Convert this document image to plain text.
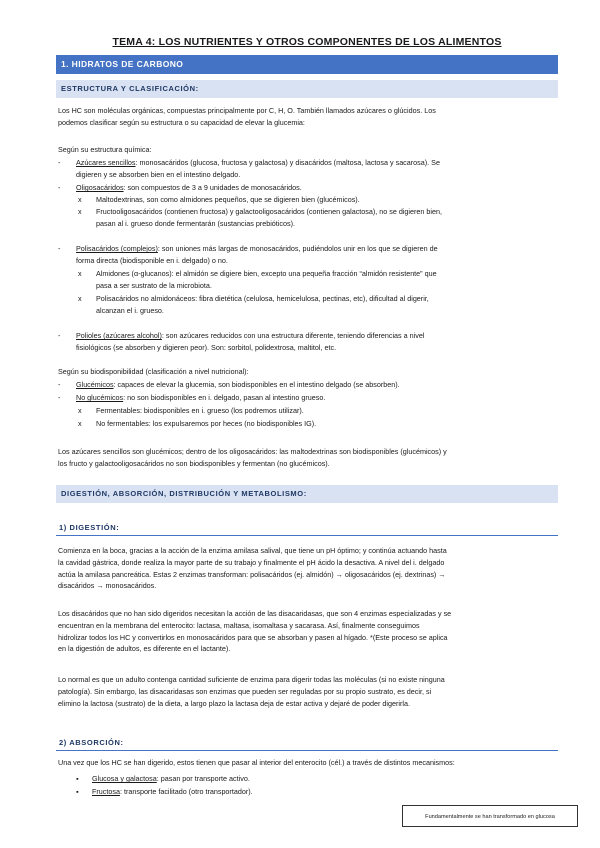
TEMA 4: LOS NUTRIENTES Y OTROS COMPONENTES DE LOS ALIMENTOS
1. HIDRATOS DE CARBONO
ESTRUCTURA Y CLASIFICACIÓN:
Los HC son moléculas orgánicas, compuestas principalmente por C, H, O. También llamados azúcares o glúcidos. Los
podemos clasificar según su estructura o su capacidad de elevar la glucemia:
Según su estructura química:
- Azúcares sencillos: monosacáridos (glucosa, fructosa y galactosa) y disacáridos (maltosa, lactosa y sacarosa). Se
digieren y se absorben bien en el intestino delgado.
- Oligosacáridos: son compuestos de 3 a 9 unidades de monosacáridos.
x Maltodextrinas, son como almidones pequeños, que se digieren bien (glucémicos).
x Fructooligosacáridos (contienen fructosa) y galactooligosacáridos (contienen galactosa), no se digieren bien,
pasan al i. grueso donde fermentarán (sustancias prebióticos).
- Polisacáridos (complejos): son uniones más largas de monosacáridos, pudiéndolos unir en los que se digieren de
forma directa (biodisponible en i. delgado) o no.
x Almidones (α-glucanos): el almidón se digiere bien, excepto una pequeña fracción “almidón resistente” que
pasa a ser sustrato de la microbiota.
x Polisacáridos no almidonáceos: fibra dietética (celulosa, hemicelulosa, pectinas, etc), dificultad al digerir,
alcanzan el i. grueso.
- Polioles (azúcares alcohol): son azúcares reducidos con una estructura diferente, teniendo diferencias a nivel
fisiológicos (se absorben y digieren peor). Son: sorbitol, polidextrosa, maltitol, etc.
Según su biodisponibilidad (clasificación a nivel nutricional):
- Glucémicos: capaces de elevar la glucemia, son biodisponibles en el intestino delgado (se absorben).
- No glucémicos: no son biodisponibles en i. delgado, pasan al intestino grueso.
x Fermentables: biodisponibles en i. grueso (los podremos utilizar).
x No fermentables: los expulsaremos por heces (no biodisponibles IG).
Los azúcares sencillos son glucémicos; dentro de los oligosacáridos: las maltodextrinas son biodisponibles (glucémicos) y
los fructo y galactooligosacáridos no son biodisponibles y fermentan (no glucémicos).
DIGESTIÓN, ABSORCIÓN, DISTRIBUCIÓN Y METABOLISMO:
1) DIGESTIÓN:
Comienza en la boca, gracias a la acción de la enzima amilasa salival, que tiene un pH óptimo; y continúa actuando hasta
la cavidad gástrica, donde realiza la mayor parte de su trabajo y finalmente el pH ácido la desactiva. A nivel del i. delgado
actúa la amilasa pancreática. Estas 2 enzimas transforman: polisacáridos (ej. almidón) → oligosacáridos (ej. dextrinas) →
disacáridos → monosacáridos.
Los disacáridos que no han sido digeridos necesitan la acción de las disacaridasas, que son 4 enzimas especializadas y se
encuentran en la membrana del enterocito: lactasa, maltasa, isomaltasa y sacarasa. Así, finalmente conseguimos
hidrolizar todos los HC y convertirlos en monosacáridos para que se absorban y pasen al hígado. *(Este proceso se aplica
en la digestión de adultos, es diferente en el lactante).
Lo normal es que un adulto contenga cantidad suficiente de enzima para digerir todas las moléculas (si no existe ninguna
patología). Sin embargo, las disacaridasas son enzimas que pueden ser reguladas por su propio sustrato, es decir, si
elimino la lactosa (sustrato) de la dieta, a largo plazo la lactasa deja de estar activa y dejaré de poder digerirla.
2) ABSORCIÓN:
Una vez que los HC se han digerido, estos tienen que pasar al interior del enterocito (cél.) a través de distintos mecanismos:
▪ Glucosa y galactosa: pasan por transporte activo.
▪ Fructosa: transporte facilitado (otro transportador).
Fundamentalmente se han transformado en glucosa
